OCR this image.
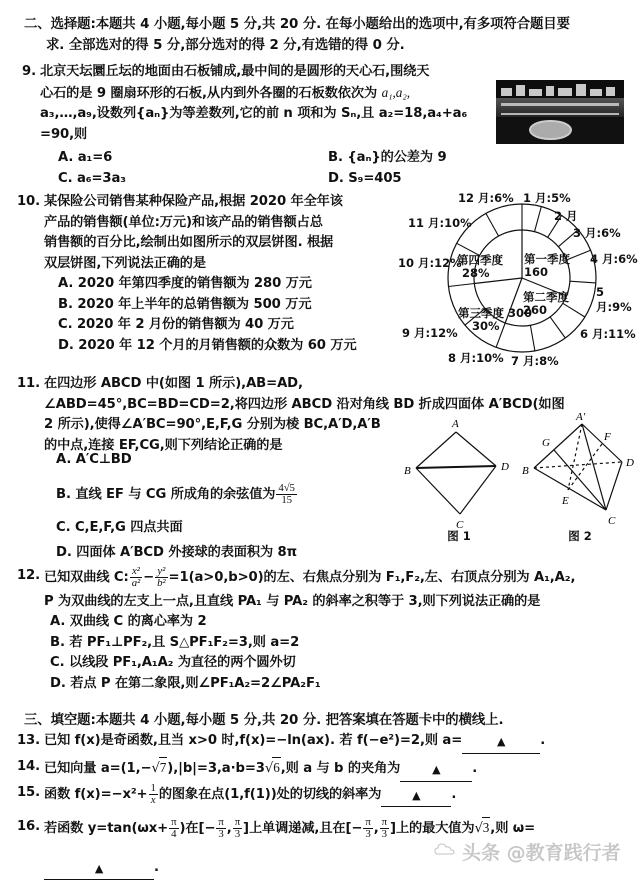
二、选择题:本题共 4 小题,每小题 5 分,共 20 分. 在每小题给出的选项中,有多项符合题目要
求. 全部选对的得 5 分,部分选对的得 2 分,有选错的得 0 分.
9. 北京天坛圜丘坛的地面由石板铺成,最中间的是圆形的天心石,围绕天
心石的是 9 圈扇环形的石板,从内到外各圈的石板数依次为 a₁,a₂,
a₃,…,a₉,设数列{aₙ}为等差数列,它的前 n 项和为 Sₙ,且 a₂=18,a₄+a₆
=90,则
A. a₁=6	B. {aₙ}的公差为 9
C. a₆=3a₃	D. S₉=405
10. 某保险公司销售某种保险产品,根据 2020 年全年该
产品的销售额(单位:万元)和该产品的销售额占总
销售额的百分比,绘制出如图所示的双层饼图. 根据
双层饼图,下列说法正确的是
A. 2020 年第四季度的销售额为 280 万元
B. 2020 年上半年的总销售额为 500 万元
C. 2020 年 2 月份的销售额为 40 万元
D. 2020 年 12 个月的月销售额的众数为 60 万元
第一季度
160
第二季度
260
第三季度 300
30%
第四季度
28%
1 月:5%
2 月
3 月:6%
4 月:6%
5 月:9%
6 月:11%
7 月:8%
8 月:10%
9 月:12%
10 月:12%
11 月:10%
12 月:6%
11. 在四边形 ABCD 中(如图 1 所示),AB=AD,
∠ABD=45°,BC=BD=CD=2,将四边形 ABCD 沿对角线 BD 折成四面体 A′BCD(如图
2 所示),使得∠A′BC=90°,E,F,G 分别为棱 BC,A′D,A′B
的中点,连接 EF,CG,则下列结论正确的是
A. A′C⊥BD
B. 直线 EF 与 CG 所成角的余弦值为 $\frac{4√5}{15}$
C. C,E,F,G 四点共面
D. 四面体 A′BCD 外接球的表面积为 8π
A
B	D
C
图 1
A′
G	F
B
D
E
C
图 2
12. 已知双曲线 C: $\frac{\text{x²}}{\text{a²}} - \frac{\text{y²}}{\text{b²}} =1(a>0,b>0)$的左、右焦点分别为 F₁,F₂,左、右顶点分别为 A₁,A₂,
P 为双曲线的左支上一点,且直线 PA₁ 与 PA₂ 的斜率之积等于 3,则下列说法正确的是
A. 双曲线 C 的离心率为 2
B. 若 PF₁⊥PF₂,且 S△PF₁F₂=3,则 a=2
C. 以线段 PF₁,A₁A₂ 为直径的两个圆外切
D. 若点 P 在第二象限,则∠PF₁A₂=2∠PA₂F₁
三、填空题:本题共 4 小题,每小题 5 分,共 20 分. 把答案填在答题卡中的横线上.
13. 已知 f(x)是奇函数,且当 x>0 时,f(x)=−ln(ax). 若 f(−e²)=2,则 a=	▲	.
14. 已知向量 a=(1,−√7),|b|=3,a·b=3√6,则 a 与 b 的夹角为	▲ .
15. 函数 $f(x)=-x^2+ \frac{1}{x}$ 的图象在点(1,f(1))处的切线的斜率为	▲ .
16. 若函数 $y=\tan(\omega x+ \frac{\pi}{4}$ )在[− $\frac{\pi}{3}$ , $\frac{\pi}{3}$ ]上单调递减,且在[− $\frac{\pi}{3}$ , $\frac{\pi}{3}$ ]上的最大值为√3,则 ω=
▲	.
头条 @教育践行者
